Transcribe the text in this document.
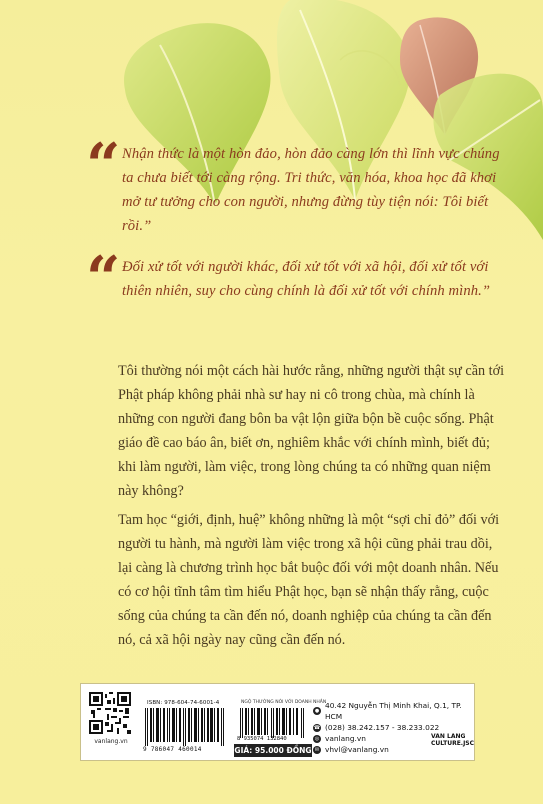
“ Nhận thức là một hòn đảo, hòn đảo càng lớn thì lĩnh vực chúng ta chưa biết tới càng rộng. Tri thức, văn hóa, khoa học đã khơi mở tư tưởng cho con người, nhưng đừng tùy tiện nói: Tôi biết rồi.”
“ Đối xử tốt với người khác, đối xử tốt với xã hội, đối xử tốt với thiên nhiên, suy cho cùng chính là đối xử tốt với chính mình.”
Tôi thường nói một cách hài hước rằng, những người thật sự cần tới Phật pháp không phải nhà sư hay ni cô trong chùa, mà chính là những con người đang bôn ba vật lộn giữa bộn bề cuộc sống. Phật giáo đề cao báo ân, biết ơn, nghiêm khắc với chính mình, biết đủ; khi làm người, làm việc, trong lòng chúng ta có những quan niệm này không?
Tam học “giới, định, huệ” không những là một “sợi chỉ đỏ” đối với người tu hành, mà người làm việc trong xã hội cũng phải trau dồi, lại càng là chương trình học bắt buộc đối với một doanh nhân. Nếu có cơ hội tĩnh tâm tìm hiểu Phật học, bạn sẽ nhận thấy rằng, cuộc sống của chúng ta cần đến nó, doanh nghiệp của chúng ta cần đến nó, cả xã hội ngày nay cũng cần đến nó.
vanlang.vn
ISBN: 978-604-74-6001-4
9 786047 460014
NGỘ THƯỜNG NÓI VỚI DOANH NHÂN
8 935074 132840
GIÁ: 95.000 ĐỒNG
●
40.42 Nguyễn Thị Minh Khai, Q.1, TP. HCM
☎ (028) 38.242.157 - 38.233.022
◎ vanlang.vn
✉ vhvl@vanlang.vn
VAN LANG
CULTURE.JSC
